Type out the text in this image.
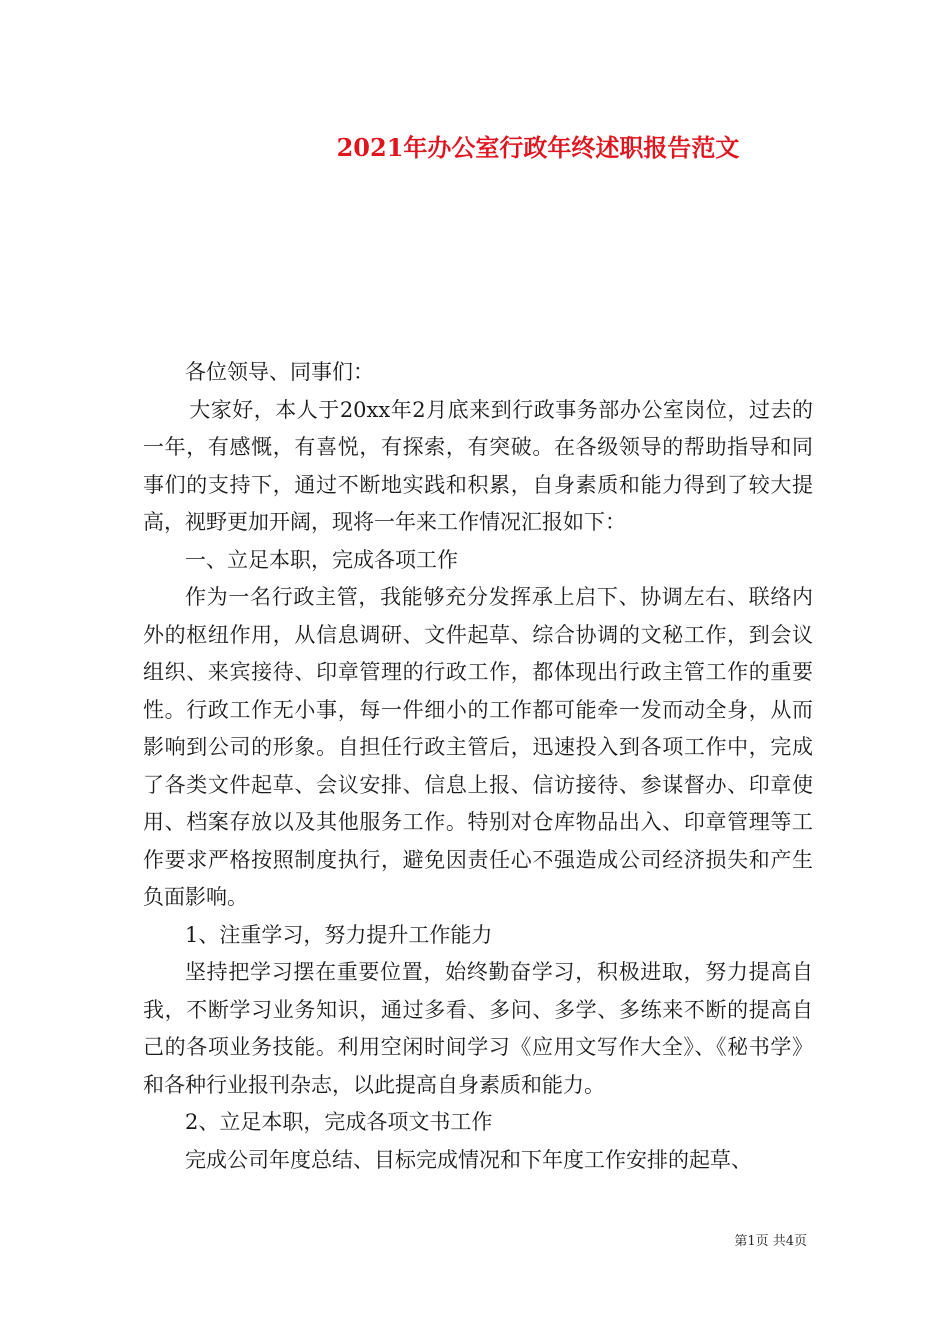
2021年办公室行政年终述职报告范文

各位领导、同事们：

大家好，本人于20xx年2月底来到行政事务部办公室岗位，过去的一年，有感慨，有喜悦，有探索，有突破。在各级领导的帮助指导和同事们的支持下，通过不断地实践和积累，自身素质和能力得到了较大提高，视野更加开阔，现将一年来工作情况汇报如下：

一、立足本职，完成各项工作

作为一名行政主管，我能够充分发挥承上启下、协调左右、联络内外的枢纽作用，从信息调研、文件起草、综合协调的文秘工作，到会议组织、来宾接待、印章管理的行政工作，都体现出行政主管工作的重要性。行政工作无小事，每一件细小的工作都可能牵一发而动全身，从而影响到公司的形象。自担任行政主管后，迅速投入到各项工作中，完成了各类文件起草、会议安排、信息上报、信访接待、参谋督办、印章使用、档案存放以及其他服务工作。特别对仓库物品出入、印章管理等工作要求严格按照制度执行，避免因责任心不强造成公司经济损失和产生负面影响。

1、注重学习，努力提升工作能力

坚持把学习摆在重要位置，始终勤奋学习，积极进取，努力提高自我，不断学习业务知识，通过多看、多问、多学、多练来不断的提高自己的各项业务技能。利用空闲时间学习《应用文写作大全》、《秘书学》和各种行业报刊杂志，以此提高自身素质和能力。

2、立足本职，完成各项文书工作

完成公司年度总结、目标完成情况和下年度工作安排的起草、

第1页 共4页
